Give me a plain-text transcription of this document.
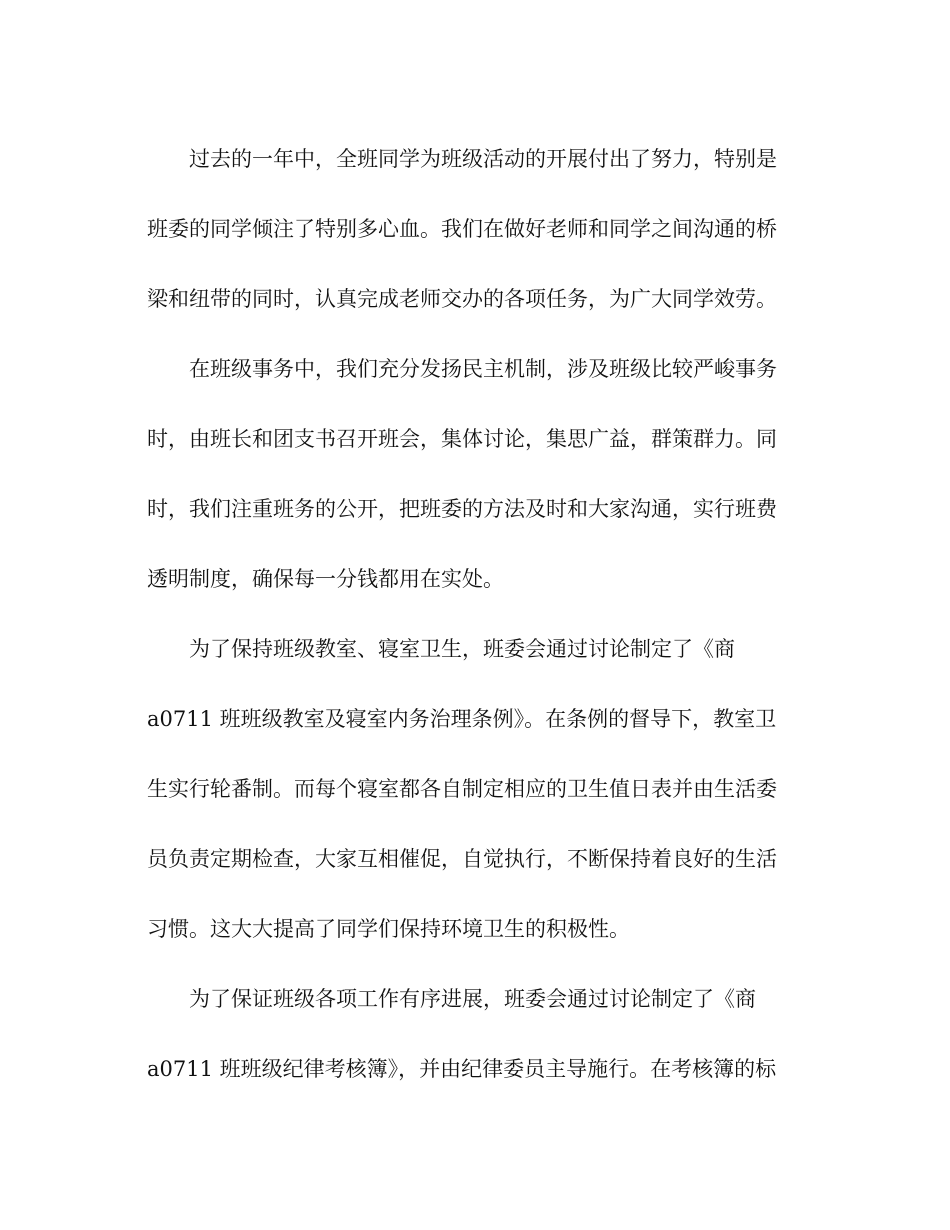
过去的一年中，全班同学为班级活动的开展付出了努力，特别是
班委的同学倾注了特别多心血。我们在做好老师和同学之间沟通的桥
梁和纽带的同时，认真完成老师交办的各项任务，为广大同学效劳。
在班级事务中，我们充分发扬民主机制，涉及班级比较严峻事务
时，由班长和团支书召开班会，集体讨论，集思广益，群策群力。同
时，我们注重班务的公开，把班委的方法及时和大家沟通，实行班费
透明制度，确保每一分钱都用在实处。
为了保持班级教室、寝室卫生，班委会通过讨论制定了《商
a0711 班班级教室及寝室内务治理条例》。在条例的督导下，教室卫
生实行轮番制。而每个寝室都各自制定相应的卫生值日表并由生活委
员负责定期检查，大家互相催促，自觉执行，不断保持着良好的生活
习惯。这大大提高了同学们保持环境卫生的积极性。
为了保证班级各项工作有序进展，班委会通过讨论制定了《商
a0711 班班级纪律考核簿》，并由纪律委员主导施行。在考核簿的标
